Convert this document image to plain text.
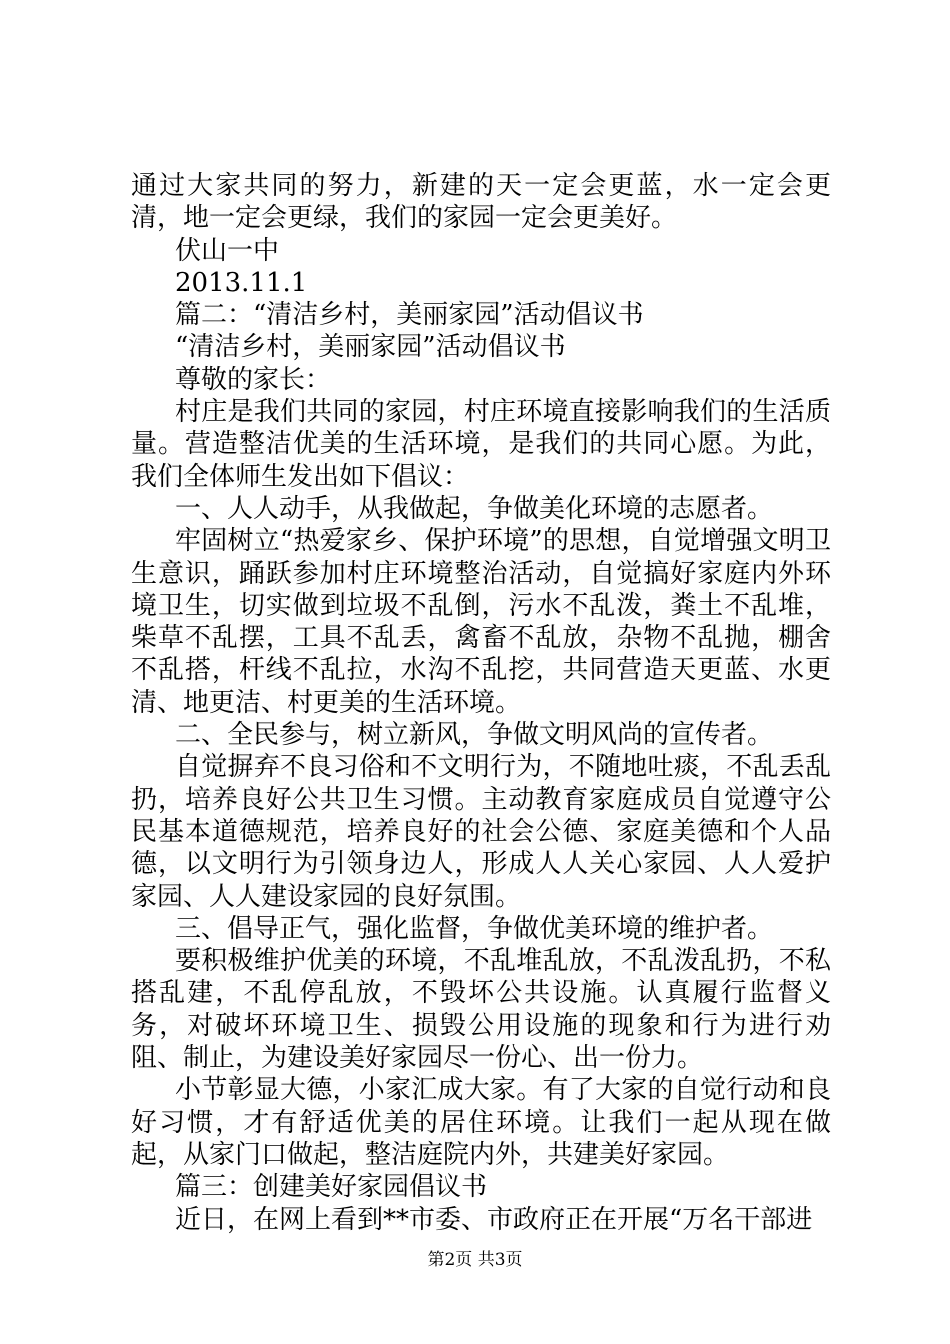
通过大家共同的努力，新建的天一定会更蓝，水一定会更清，地一定会更绿，我们的家园一定会更美好。

伏山一中

2013.11.1

篇二：“清洁乡村，美丽家园”活动倡议书

“清洁乡村，美丽家园”活动倡议书

尊敬的家长：

村庄是我们共同的家园，村庄环境直接影响我们的生活质量。营造整洁优美的生活环境，是我们的共同心愿。为此，我们全体师生发出如下倡议：

一、人人动手，从我做起，争做美化环境的志愿者。

牢固树立“热爱家乡、保护环境”的思想，自觉增强文明卫生意识，踊跃参加村庄环境整治活动，自觉搞好家庭内外环境卫生，切实做到垃圾不乱倒，污水不乱泼，粪土不乱堆，柴草不乱摆，工具不乱丢，禽畜不乱放，杂物不乱抛，棚舍不乱搭，杆线不乱拉，水沟不乱挖，共同营造天更蓝、水更清、地更洁、村更美的生活环境。

二、全民参与，树立新风，争做文明风尚的宣传者。

自觉摒弃不良习俗和不文明行为，不随地吐痰，不乱丢乱扔，培养良好公共卫生习惯。主动教育家庭成员自觉遵守公民基本道德规范，培养良好的社会公德、家庭美德和个人品德，以文明行为引领身边人，形成人人关心家园、人人爱护家园、人人建设家园的良好氛围。

三、倡导正气，强化监督，争做优美环境的维护者。

要积极维护优美的环境，不乱堆乱放，不乱泼乱扔，不私搭乱建，不乱停乱放，不毁坏公共设施。认真履行监督义务，对破坏环境卫生、损毁公用设施的现象和行为进行劝阻、制止，为建设美好家园尽一份心、出一份力。

小节彰显大德，小家汇成大家。有了大家的自觉行动和良好习惯，才有舒适优美的居住环境。让我们一起从现在做起，从家门口做起，整洁庭院内外，共建美好家园。

篇三：创建美好家园倡议书

近日，在网上看到**市委、市政府正在开展“万名干部进

第2页 共3页
